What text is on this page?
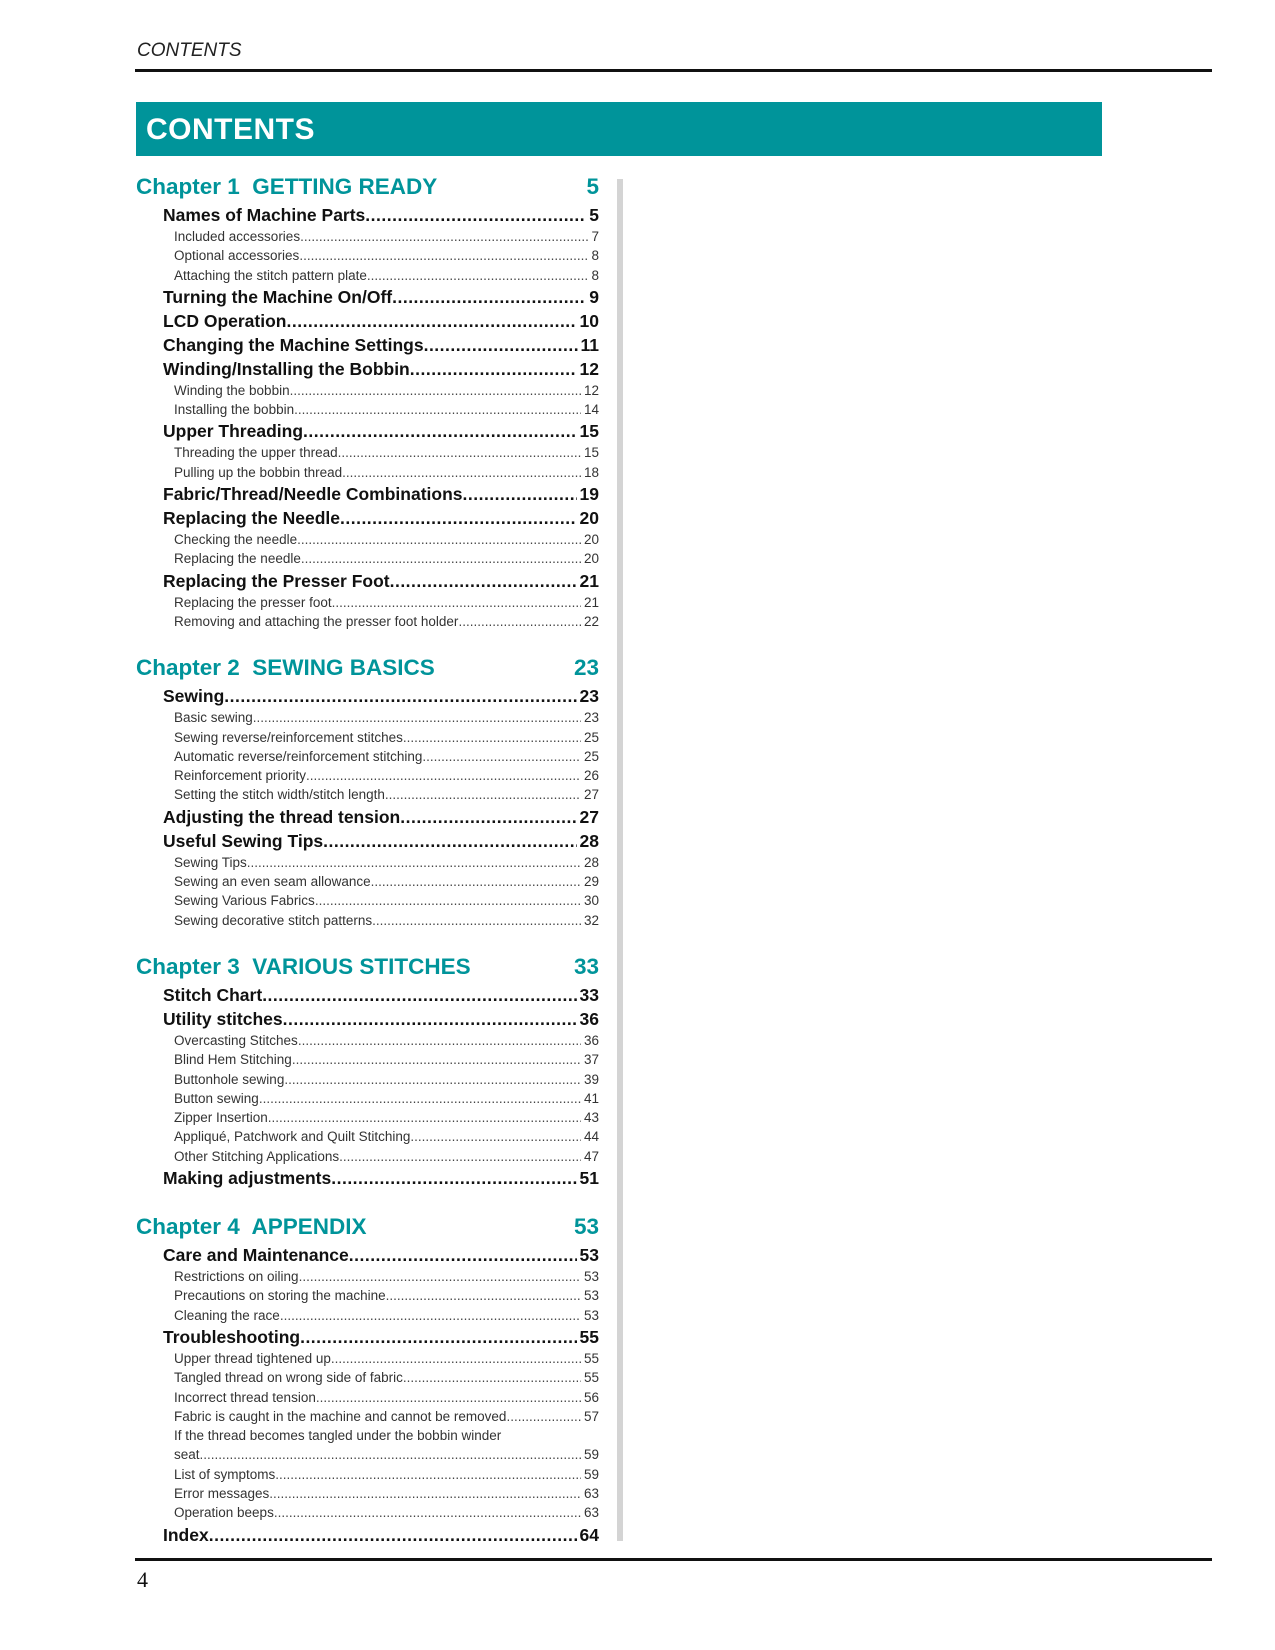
CONTENTS
CONTENTS
Chapter 1  GETTING READY	5
Names of Machine Parts .....	5
Included accessories .....	7
Optional accessories .....	8
Attaching the stitch pattern plate .....	8
Turning the Machine On/Off .....	9
LCD Operation .....	10
Changing the Machine Settings .....	11
Winding/Installing the Bobbin .....	12
Winding the bobbin .....	12
Installing the bobbin .....	14
Upper Threading .....	15
Threading the upper thread .....	15
Pulling up the bobbin thread .....	18
Fabric/Thread/Needle Combinations .....	19
Replacing the Needle .....	20
Checking the needle .....	20
Replacing the needle .....	20
Replacing the Presser Foot .....	21
Replacing the presser foot .....	21
Removing and attaching the presser foot holder .....	22
Chapter 2  SEWING BASICS	23
Sewing .....	23
Basic sewing .....	23
Sewing reverse/reinforcement stitches .....	25
Automatic reverse/reinforcement stitching .....	25
Reinforcement priority .....	26
Setting the stitch width/stitch length .....	27
Adjusting the thread tension .....	27
Useful Sewing Tips .....	28
Sewing Tips .....	28
Sewing an even seam allowance .....	29
Sewing Various Fabrics .....	30
Sewing decorative stitch patterns .....	32
Chapter 3  VARIOUS STITCHES	33
Stitch Chart .....	33
Utility stitches .....	36
Overcasting Stitches .....	36
Blind Hem Stitching .....	37
Buttonhole sewing .....	39
Button sewing .....	41
Zipper Insertion .....	43
Appliqué, Patchwork and Quilt Stitching .....	44
Other Stitching Applications .....	47
Making adjustments .....	51
Chapter 4  APPENDIX	53
Care and Maintenance .....	53
Restrictions on oiling .....	53
Precautions on storing the machine .....	53
Cleaning the race .....	53
Troubleshooting .....	55
Upper thread tightened up .....	55
Tangled thread on wrong side of fabric .....	55
Incorrect thread tension .....	56
Fabric is caught in the machine and cannot be removed .....	57
If the thread becomes tangled under the bobbin winder
seat .....	59
List of symptoms .....	59
Error messages .....	63
Operation beeps .....	63
Index .....	64
4
